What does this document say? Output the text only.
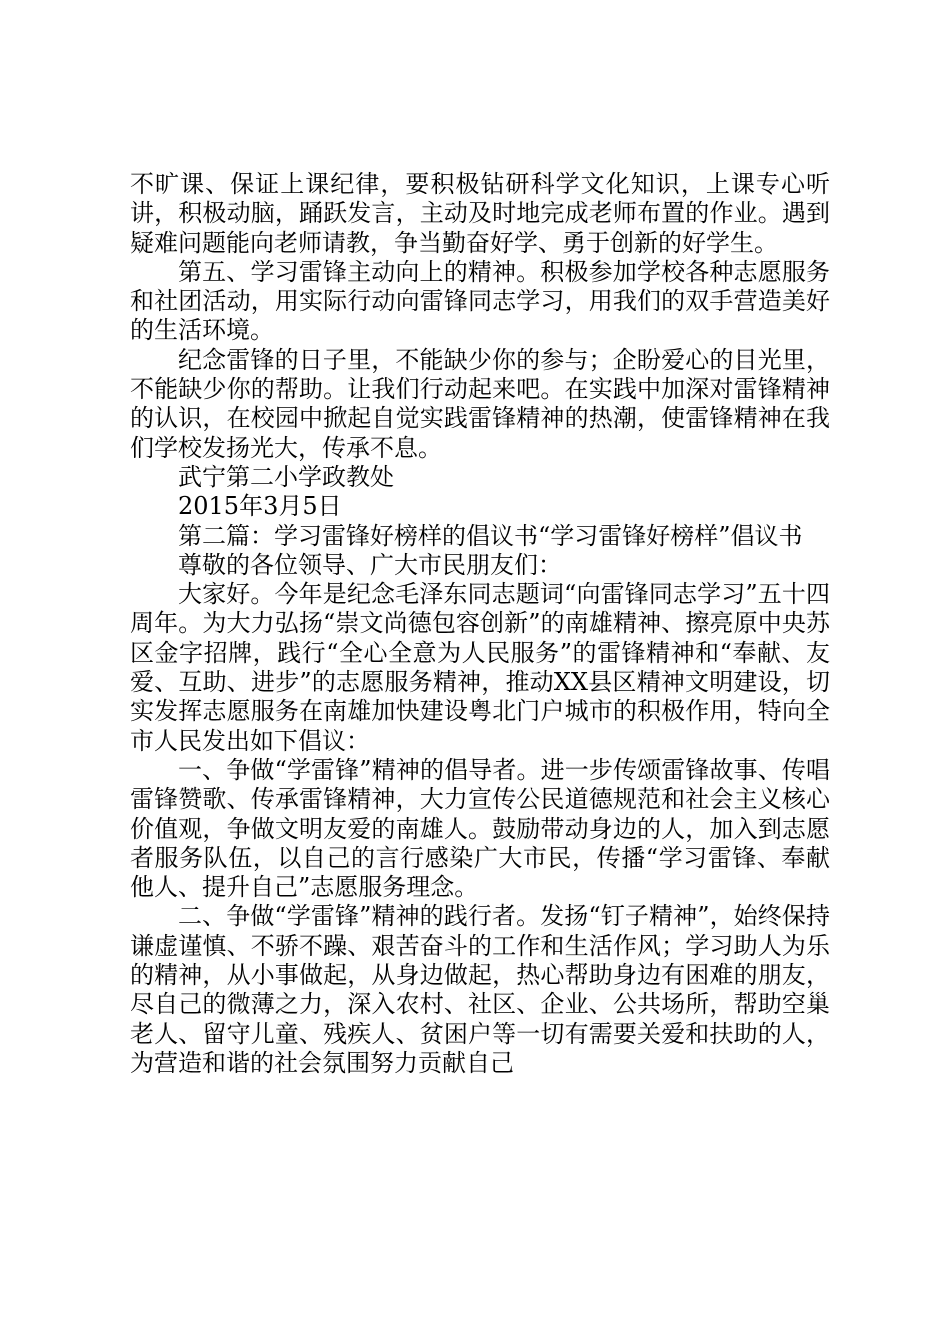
不旷课、保证上课纪律，要积极钻研科学文化知识，上课专心听讲，积极动脑，踊跃发言，主动及时地完成老师布置的作业。遇到疑难问题能向老师请教，争当勤奋好学、勇于创新的好学生。

第五、学习雷锋主动向上的精神。积极参加学校各种志愿服务和社团活动，用实际行动向雷锋同志学习，用我们的双手营造美好的生活环境。

纪念雷锋的日子里，不能缺少你的参与；企盼爱心的目光里，不能缺少你的帮助。让我们行动起来吧。在实践中加深对雷锋精神的认识，在校园中掀起自觉实践雷锋精神的热潮，使雷锋精神在我们学校发扬光大，传承不息。

武宁第二小学政教处

2015年3月5日

第二篇：学习雷锋好榜样的倡议书“学习雷锋好榜样”倡议书

尊敬的各位领导、广大市民朋友们：

大家好。今年是纪念毛泽东同志题词“向雷锋同志学习”五十四周年。为大力弘扬“崇文尚德包容创新”的南雄精神、擦亮原中央苏区金字招牌，践行“全心全意为人民服务”的雷锋精神和“奉献、友爱、互助、进步”的志愿服务精神，推动XX县区精神文明建设，切实发挥志愿服务在南雄加快建设粤北门户城市的积极作用，特向全市人民发出如下倡议：

一、争做“学雷锋”精神的倡导者。进一步传颂雷锋故事、传唱雷锋赞歌、传承雷锋精神，大力宣传公民道德规范和社会主义核心价值观，争做文明友爱的南雄人。鼓励带动身边的人，加入到志愿者服务队伍，以自己的言行感染广大市民，传播“学习雷锋、奉献他人、提升自己”志愿服务理念。

二、争做“学雷锋”精神的践行者。发扬“钉子精神”，始终保持谦虚谨慎、不骄不躁、艰苦奋斗的工作和生活作风；学习助人为乐的精神，从小事做起，从身边做起，热心帮助身边有困难的朋友，尽自己的微薄之力，深入农村、社区、企业、公共场所，帮助空巢老人、留守儿童、残疾人、贫困户等一切有需要关爱和扶助的人，为营造和谐的社会氛围努力贡献自己
